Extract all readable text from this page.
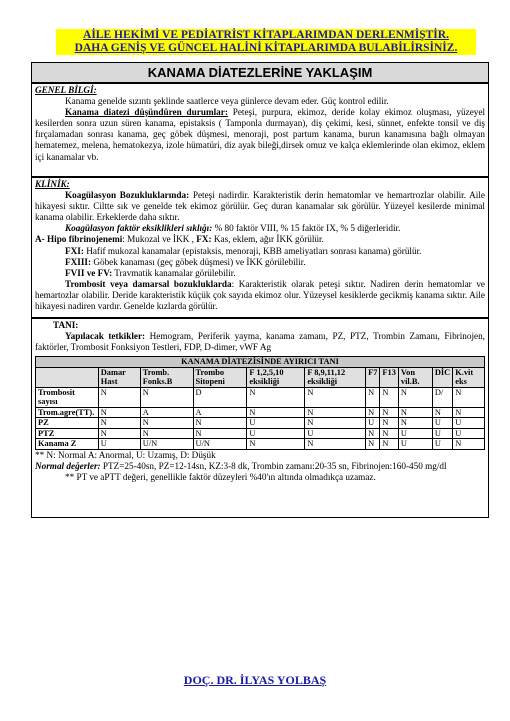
AİLE HEKİMİ VE PEDİATRİST KİTAPLARIMDAN DERLENMİŞTİR.
DAHA GENİŞ VE GÜNCEL HALİNİ KİTAPLARIMDA BULABİLİRSİNİZ.
KANAMA DİATEZLERİNE YAKLAŞIM

GENEL BİLGİ:

Kanama genelde sızıntı şeklinde saatlerce veya günlerce devam eder. Güç kontrol edilir.

Kanama diatezi düşündüren durumlar: Peteşi, purpura, ekimoz, deride kolay ekimoz oluşması, yüzeyel kesilerden sonra uzun süren kanama, epistaksis ( Tamponla durmayan), diş çekimi, kesi, sünnet, enfekte tonsil ve diş fırçalamadan sonrası kanama, geç göbek düşmesi, menoraji, post partum kanama, burun kanamısına bağlı olmayan hematemez, melena, hematokezya, izole hümatüri, diz ayak bileği,dirsek omuz ve kalça eklemlerinde olan ekimoz, eklem içi kanamalar vb.

KLİNİK:

Koagülasyon Bozukluklarında: Peteşi nadirdir. Karakteristik derin hematomlar ve hemartrozlar olabilir. Aile hikayesi sıktır. Ciltte sık ve genelde tek ekimoz görülür. Geç duran kanamalar sık görülür. Yüzeyel kesilerde minimal kanama olabilir. Erkeklerde daha sıktır.

Koagülasyon faktör eksiklikleri sıklığı: % 80 faktör VIII, % 15 faktör IX, % 5 diğerleridir.

A- Hipo fibrinojenemi: Mukozal ve İKK , FX: Kas, eklem, ağır İKK görülür.

FXI: Hafif mukozal kanamalar (epistaksis, menoraji, KBB ameliyatları sonrası kanama) görülür.

FXIII: Göbek kanaması (geç göbek düşmesi) ve İKK görülebilir.

FVII ve FV: Travmatik kanamalar görülebilir.

Trombosit veya damarsal bozukluklarda: Karakteristik olarak peteşi sıktır. Nadiren derin hematomlar ve hemartozlar olabilir. Deride karakteristik küçük çok sayıda ekimoz olur. Yüzeysel kesiklerde gecikmiş kanama sıktır. Aile hikayesi nadiren vardır. Genelde kızlarda görülür.

TANI:

Yapılacak tetkikler: Hemogram, Periferik yayma, kanama zamanı, PZ, PTZ, Trombin Zamanı, Fibrinojen, faktörler, Trombosit Fonksiyon Testleri, FDP, D-dimer, vWF Ag

KANAMA DİATEZİSİNDE AYIRICI TANI										
	Damar Hast	Tromb. Fonks.B	Trombo Sitopeni	F 1,2,5,10 eksikliği	F 8,9,11,12 eksikliği	F7	F13	Von vil.B.	DİC	K.vit eks
Trombosit sayısı	N	N	D	N	N	N	N	N	D/	N
Trom.agre(TT).	N	A	A	N	N	N	N	N	N	N
PZ	N	N	N	U	N	U	N	N	U	U
PTZ	N	N	N	U	U	N	N	U	U	U
Kanama Z	U	U/N	U/N	N	N	N	N	U	U	N

** N: Normal A: Anormal, U: Uzamış, D: Düşük

Normal değerler: PTZ=25-40sn, PZ=12-14sn, KZ:3-8 dk, Trombin zamanı:20-35 sn, Fibrinojen:160-450 mg/dl

** PT ve aPTT değeri, genellikle faktör düzeyleri %40'ın altında olmadıkça uzamaz.

DOÇ. DR. İLYAS YOLBAŞ
